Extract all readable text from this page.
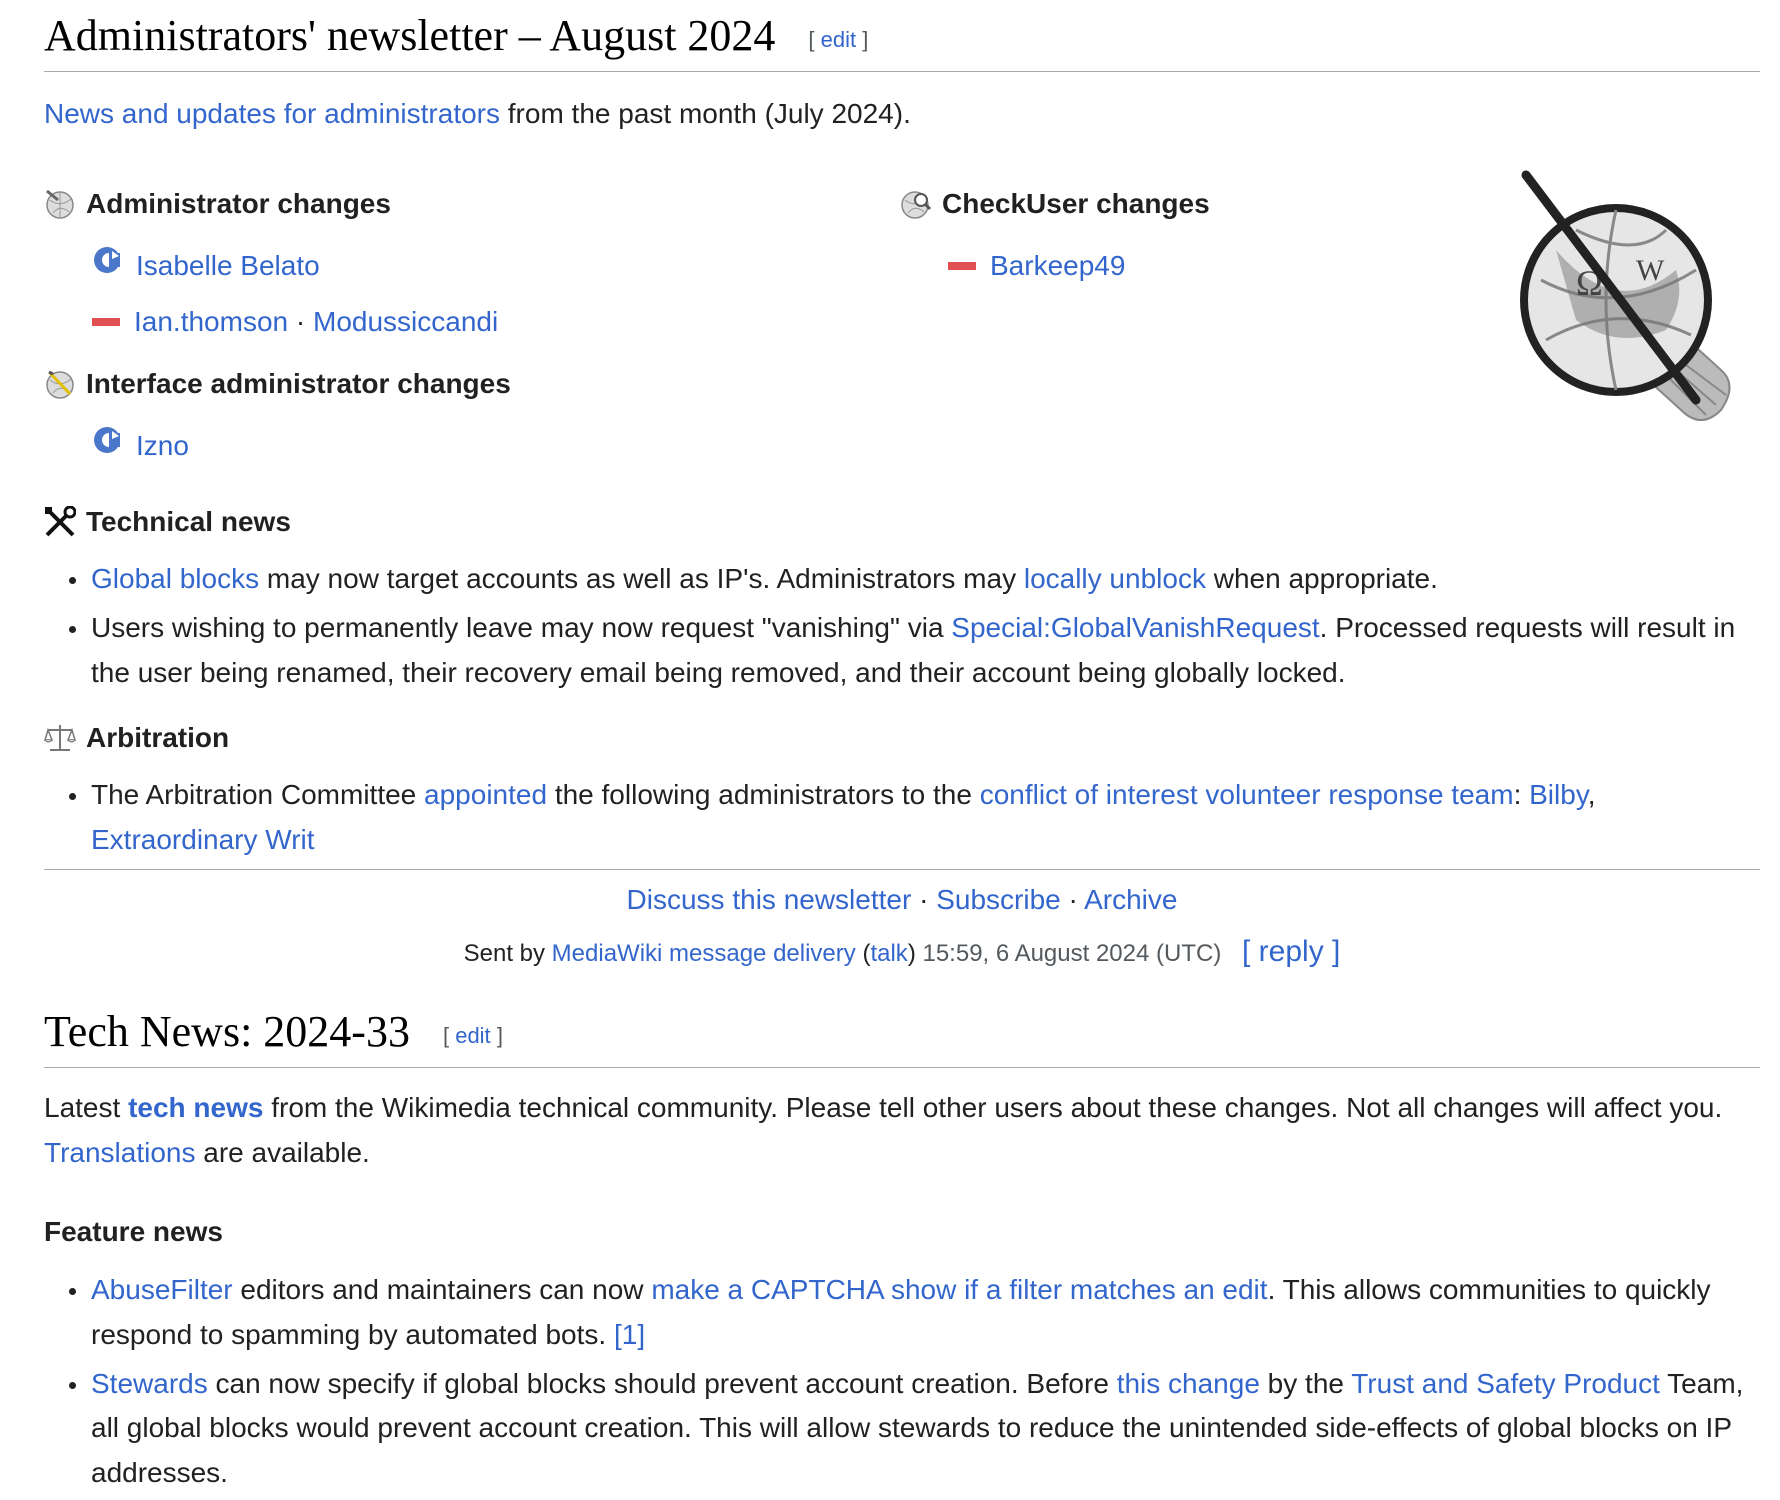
Administrators' newsletter – August 2024 [ edit ]
News and updates for administrators from the past month (July 2024).
Administrator changes
Isabelle Belato
Ian.thomson · Modussiccandi
Interface administrator changes
Izno
CheckUser changes
Barkeep49	Ω W
Technical news
Global blocks may now target accounts as well as IP's. Administrators may locally unblock when appropriate.
Users wishing to permanently leave may now request "vanishing" via Special:GlobalVanishRequest. Processed requests will result in the user being renamed, their recovery email being removed, and their account being globally locked.
Arbitration
The Arbitration Committee appointed the following administrators to the conflict of interest volunteer response team: Bilby, Extraordinary Writ
Discuss this newsletter · Subscribe · Archive
Sent by MediaWiki message delivery (talk) 15:59, 6 August 2024 (UTC) [ reply ]
Tech News: 2024-33 [ edit ]
Latest tech news from the Wikimedia technical community. Please tell other users about these changes. Not all changes will affect you. Translations are available.
Feature news
AbuseFilter editors and maintainers can now make a CAPTCHA show if a filter matches an edit. This allows communities to quickly respond to spamming by automated bots. [1]
Stewards can now specify if global blocks should prevent account creation. Before this change by the Trust and Safety Product Team, all global blocks would prevent account creation. This will allow stewards to reduce the unintended side-effects of global blocks on IP addresses.
